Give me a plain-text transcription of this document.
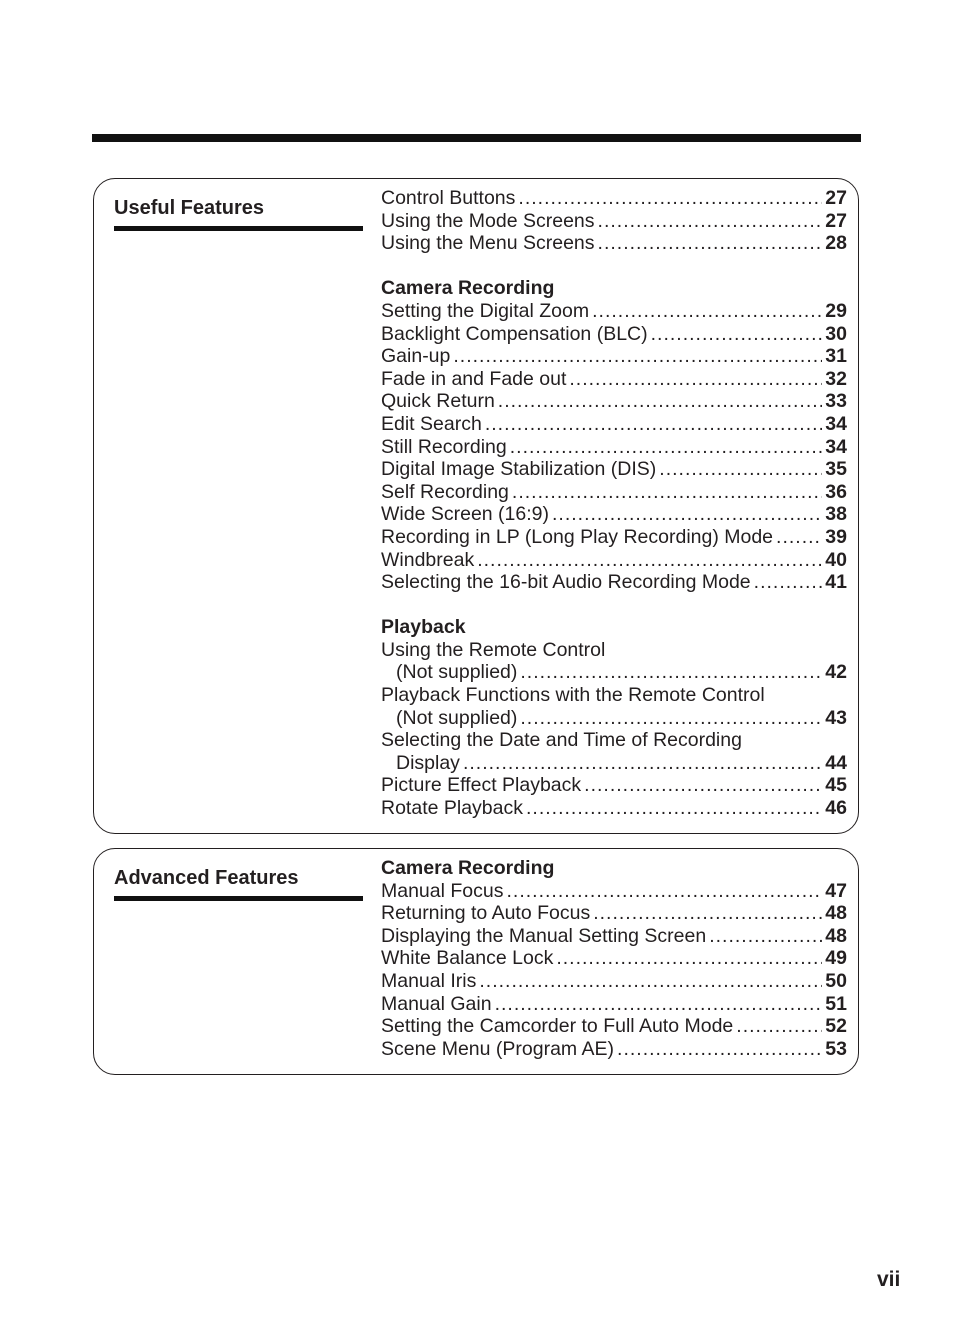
Useful Features	Control Buttons .....	27
Using the Mode Screens .....	27
Using the Menu Screens .....	28
Camera Recording
Setting the Digital Zoom .....	29
Backlight Compensation (BLC) .....	30
Gain-up .....	31
Fade in and Fade out .....	32
Quick Return .....	33
Edit Search .....	34
Still Recording .....	34
Digital Image Stabilization (DIS) .....	35
Self Recording .....	36
Wide Screen (16:9) .....	38
Recording in LP (Long Play Recording) Mode .....	39
Windbreak .....	40
Selecting the 16-bit Audio Recording Mode .....	41
Playback
Using the Remote Control
(Not supplied) .....	42
Playback Functions with the Remote Control
(Not supplied) .....	43
Selecting the Date and Time of Recording
Display .....	44
Picture Effect Playback .....	45
Rotate Playback .....	46
Advanced Features	Camera Recording
Manual Focus .....	47
Returning to Auto Focus .....	48
Displaying the Manual Setting Screen .....	48
White Balance Lock .....	49
Manual Iris .....	50
Manual Gain .....	51
Setting the Camcorder to Full Auto Mode .....	52
Scene Menu (Program AE) .....	53
vii
